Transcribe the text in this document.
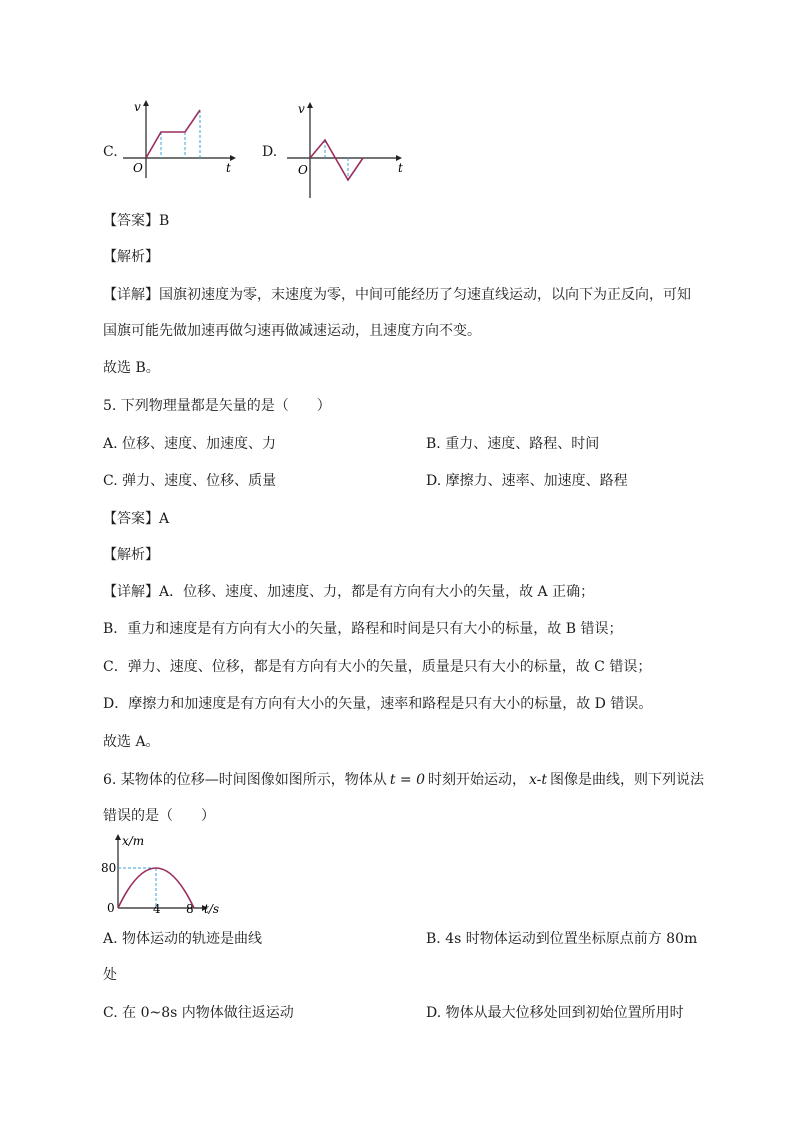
C.
v
t
O
D.
v
t
O
【答案】B
【解析】
【详解】国旗初速度为零，末速度为零，中间可能经历了匀速直线运动，以向下为正反向，可知
国旗可能先做加速再做匀速再做减速运动，且速度方向不变。
故选 B。
5. 下列物理量都是矢量的是（　　）
A. 位移、速度、加速度、力	B. 重力、速度、路程、时间
C. 弹力、速度、位移、质量	D. 摩擦力、速率、加速度、路程
【答案】A
【解析】
【详解】A．位移、速度、加速度、力，都是有方向有大小的矢量，故 A 正确；
B．重力和速度是有方向有大小的矢量，路程和时间是只有大小的标量，故 B 错误；
C．弹力、速度、位移，都是有方向有大小的矢量，质量是只有大小的标量，故 C 错误；
D．摩擦力和加速度是有方向有大小的矢量，速率和路程是只有大小的标量，故 D 错误。
故选 A。
6. 某物体的位移—时间图像如图所示，物体从 t = 0 时刻开始运动， x-t 图像是曲线，则下列说法
错误的是（　　）
x/m
80
0	4 8 t/s
A. 物体运动的轨迹是曲线	B. 4s 时物体运动到位置坐标原点前方 80m
处
C. 在 0~8s 内物体做往返运动	D. 物体从最大位移处回到初始位置所用时
